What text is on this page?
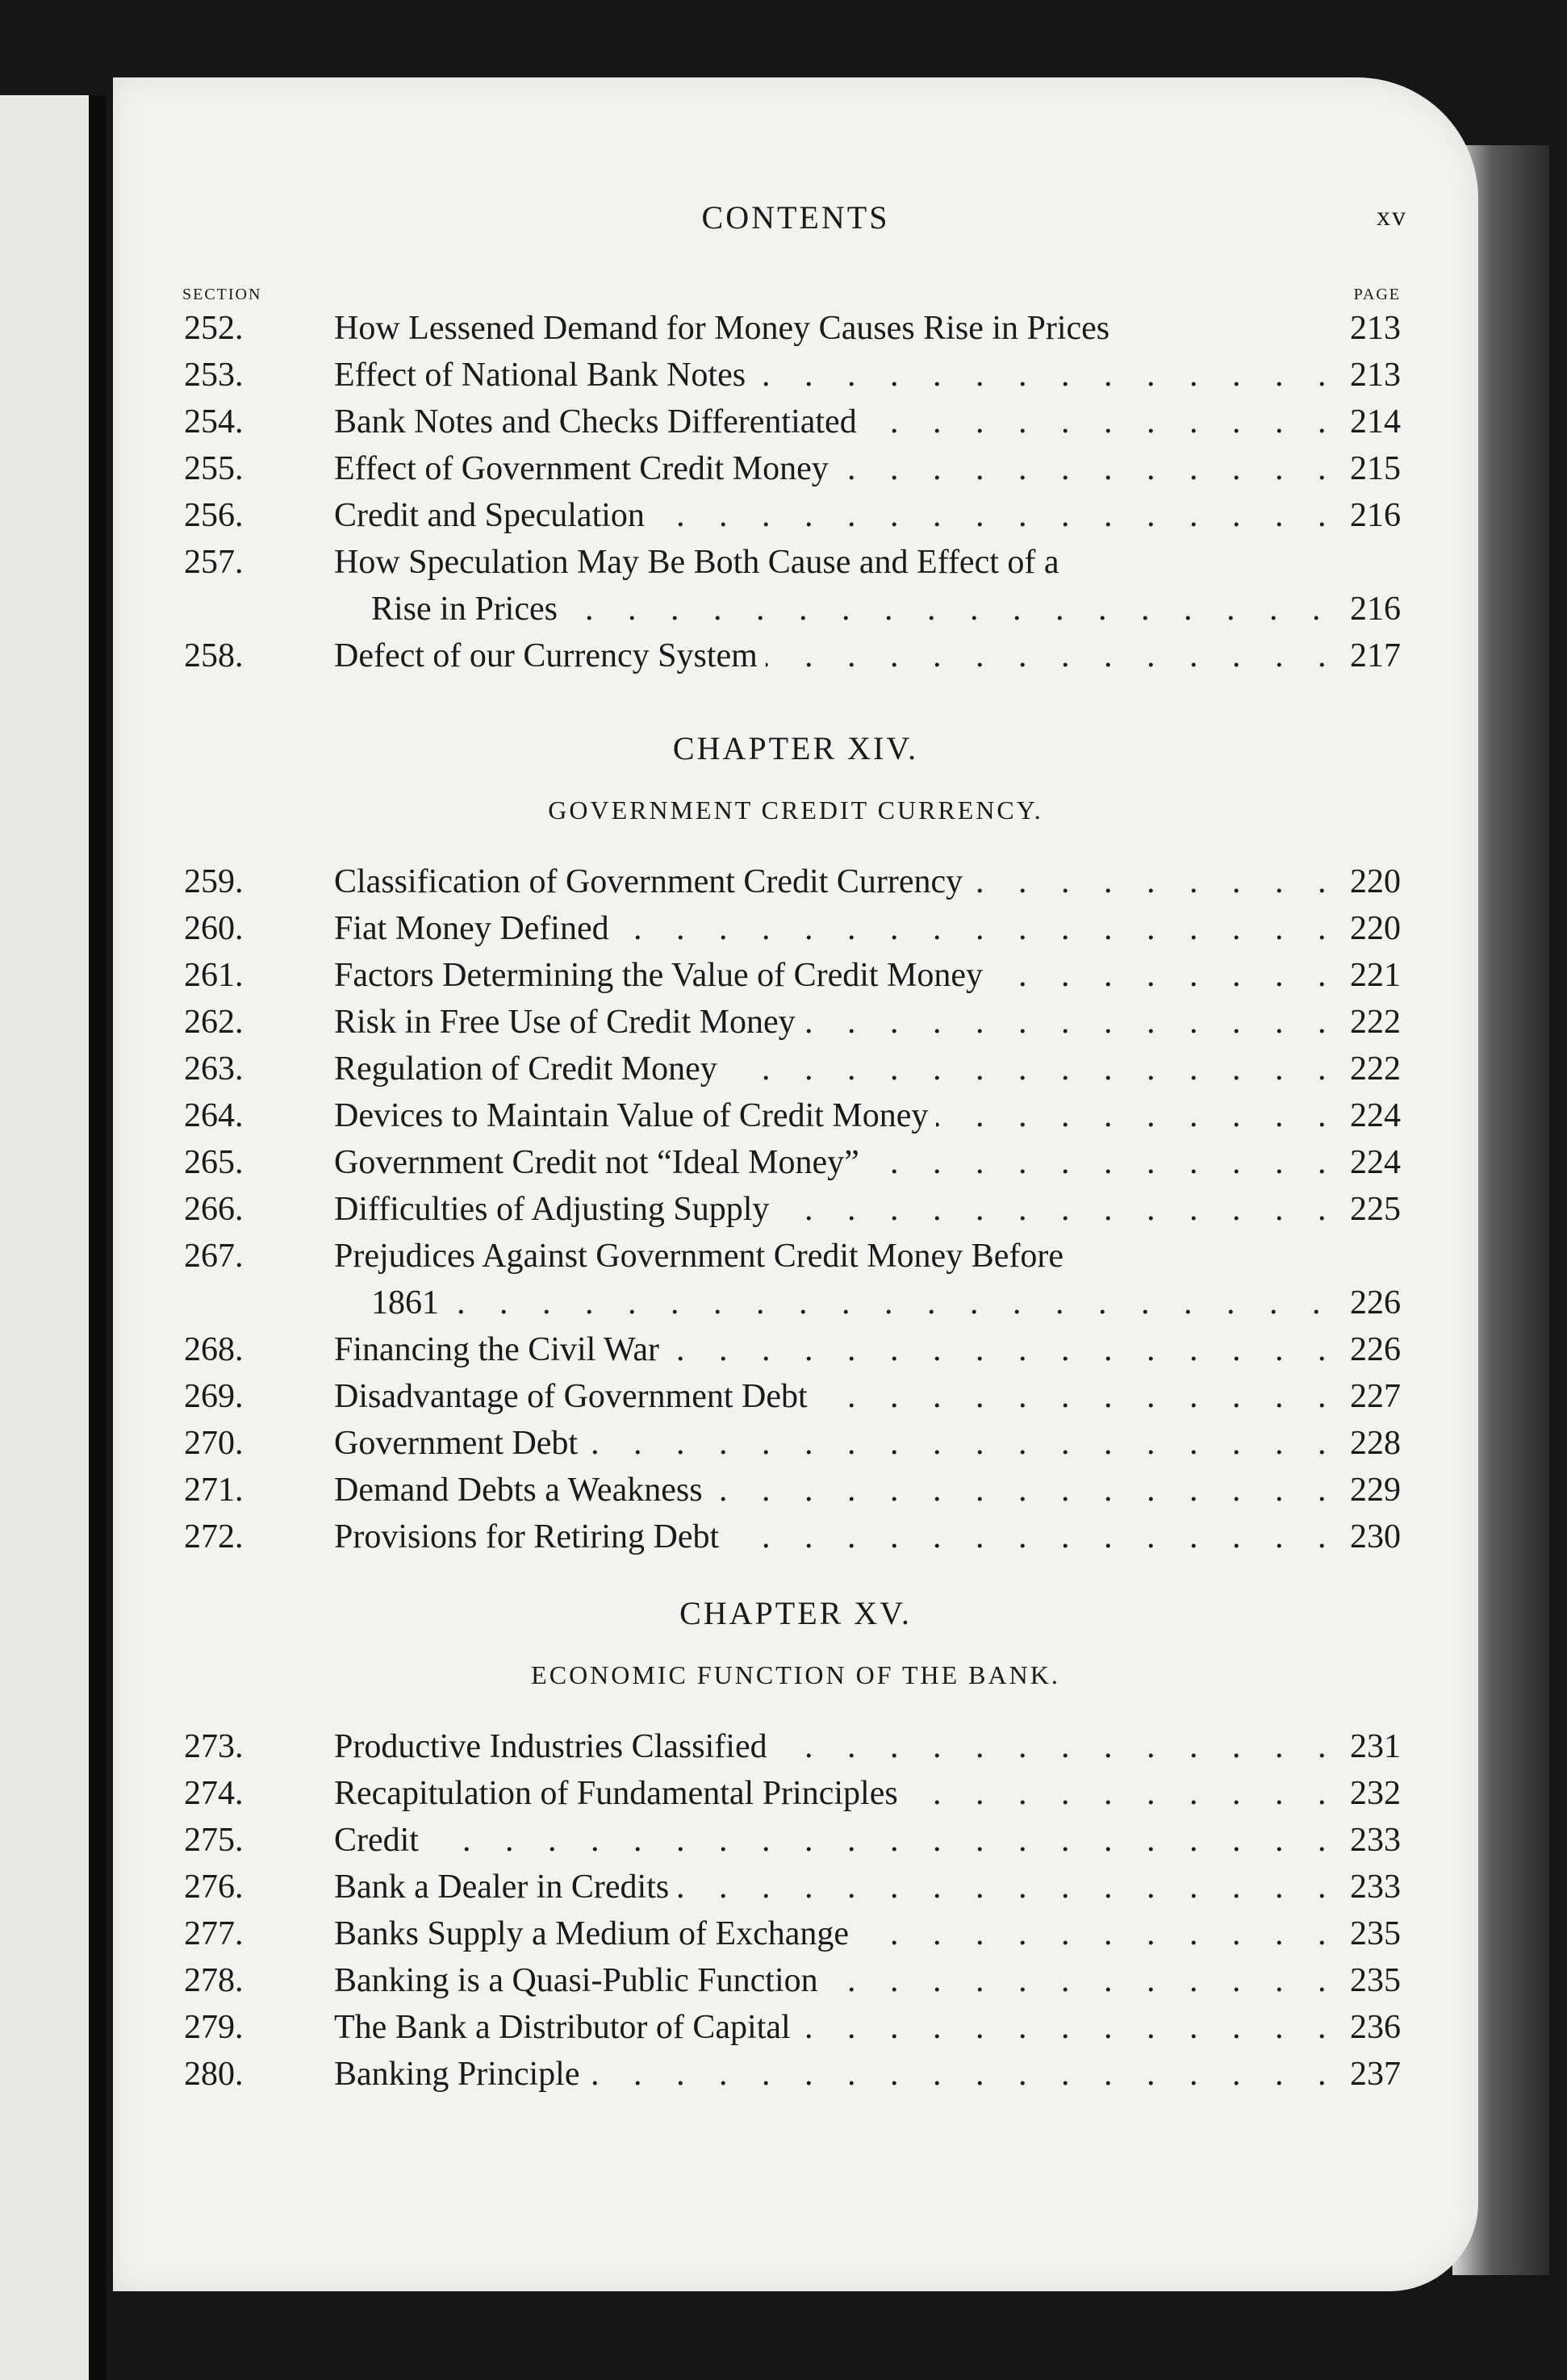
CONTENTS	xv
SECTION	PAGE
252.	How Lessened Demand for Money Causes Rise in Prices	213
253. . . .	Effect of National Bank Notes	213
254. . . .	Bank Notes and Checks Differentiated	214
255. . . .	Effect of Government Credit Money	215
256. . . .	Credit and Speculation	216
257.	How Speculation May Be Both Cause and Effect of a
. . .
Rise in Prices	216
258. . . .	Defect of our Currency System	217
CHAPTER XIV.
GOVERNMENT CREDIT CURRENCY.
259. . . .	Classification of Government Credit Currency	220
260. . . .	Fiat Money Defined	220
261. . . .	Factors Determining the Value of Credit Money	221
262. . . .	Risk in Free Use of Credit Money	222
263. . . .	Regulation of Credit Money	222
264. . . .	Devices to Maintain Value of Credit Money	224
265. . . .	Government Credit not “Ideal Money”	224
266. . . .	Difficulties of Adjusting Supply	225
267.	Prejudices Against Government Credit Money Before
. . .
1861	226
268. . . .	Financing the Civil War	226
269. . . .	Disadvantage of Government Debt	227
270. . . .	Government Debt	228
271. . . .	Demand Debts a Weakness	229
272. . . .	Provisions for Retiring Debt	230
CHAPTER XV.
ECONOMIC FUNCTION OF THE BANK.
273. . . .	Productive Industries Classified	231
274. . . .	Recapitulation of Fundamental Principles	232
275. . . .	Credit	233
276. . . .	Bank a Dealer in Credits	233
277. . . .	Banks Supply a Medium of Exchange	235
278. . . .	Banking is a Quasi-Public Function	235
279. . . .	The Bank a Distributor of Capital	236
280. . . .	Banking Principle	237
